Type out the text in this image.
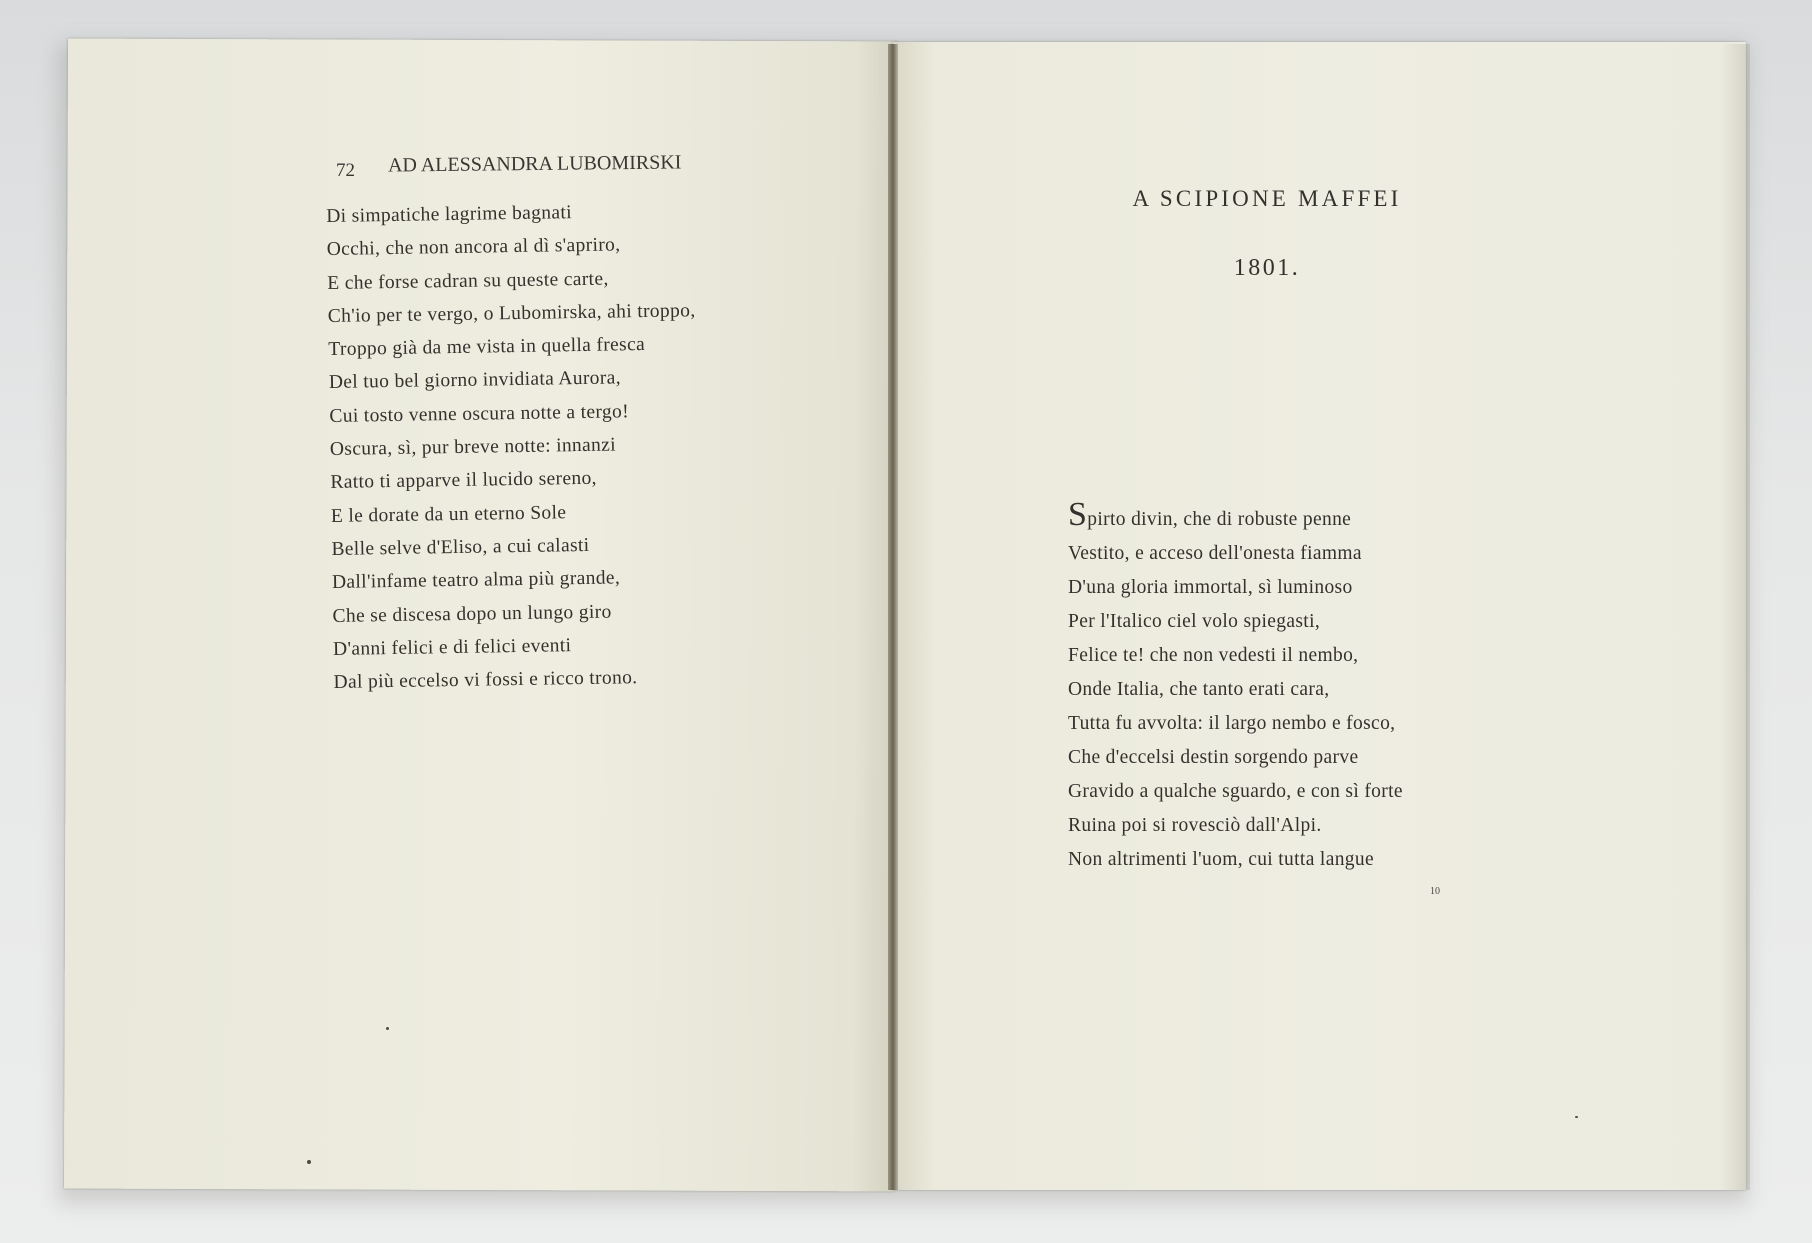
72 AD ALESSANDRA LUBOMIRSKI
Di simpatiche lagrime bagnati
Occhi, che non ancora al dì s'apriro,
E che forse cadran su queste carte,
Ch'io per te vergo, o Lubomirska, ahi troppo,
Troppo già da me vista in quella fresca
Del tuo bel giorno invidiata Aurora,
Cui tosto venne oscura notte a tergo!
Oscura, sì, pur breve notte: innanzi
Ratto ti apparve il lucido sereno,
E le dorate da un eterno Sole
Belle selve d'Eliso, a cui calasti
Dall'infame teatro alma più grande,
Che se discesa dopo un lungo giro
D'anni felici e di felici eventi
Dal più eccelso vi fossi e ricco trono.
A SCIPIONE MAFFEI
1801.
Spirto divin, che di robuste penne
Vestito, e acceso dell'onesta fiamma
D'una gloria immortal, sì luminoso
Per l'Italico ciel volo spiegasti,
Felice te! che non vedesti il nembo,
Onde Italia, che tanto erati cara,
Tutta fu avvolta: il largo nembo e fosco,
Che d'eccelsi destin sorgendo parve
Gravido a qualche sguardo, e con sì forte
Ruina poi si rovesciò dall'Alpi.
Non altrimenti l'uom, cui tutta langue
10
